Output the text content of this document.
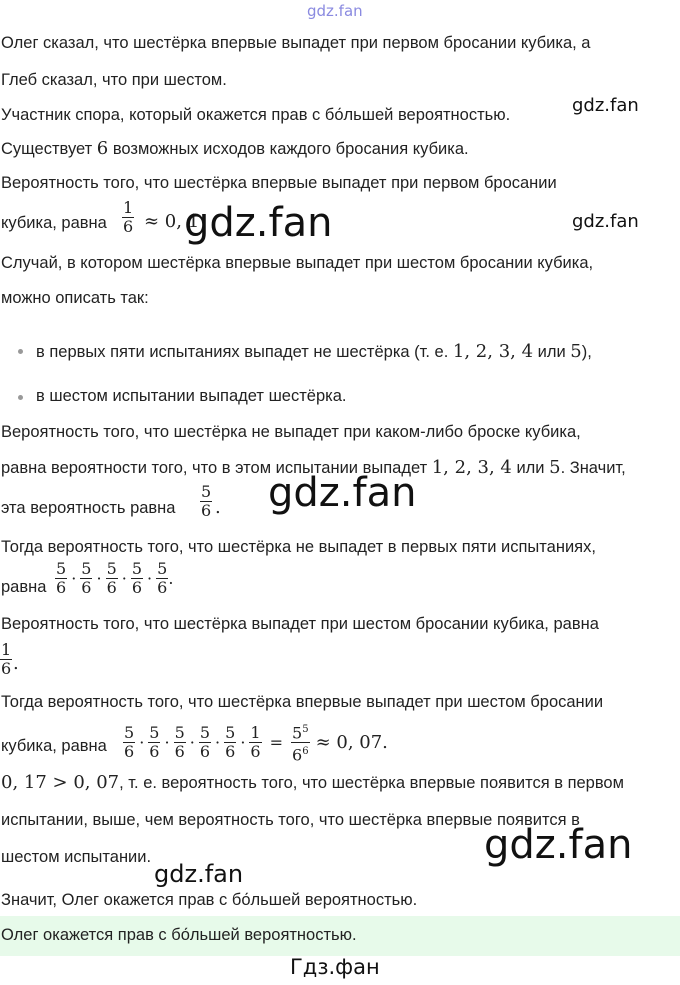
gdz.fan
Олег сказал, что шестёрка впервые выпадет при первом бросании кубика, а
Глеб сказал, что при шестом.
Участник спора, который окажется прав с бо́льшей вероятностью.	gdz.fan
Существует 6 возможных исходов каждого бросания кубика.
Вероятность того, что шестёрка впервые выпадет при первом бросании
кубика, равна $\frac{1}{6} \approx 0$, 1
gdz.fan	gdz.fan
Случай, в котором шестёрка впервые выпадет при шестом бросании кубика,
можно описать так:
в первых пяти испытаниях выпадет не шестёрка (т. е. 1, 2, 3, 4 или 5),
в шестом испытании выпадет шестёрка.
Вероятность того, что шестёрка не выпадет при каком-либо броске кубика,
равна вероятности того, что в этом испытании выпадет 1, 2, 3, 4 или 5. Значит,
эта вероятность равна $\frac{5}{6}$ . gdz.fan
Тогда вероятность того, что шестёрка не выпадет в первых пяти испытаниях,
равна $\frac{5}{6} \cdot \frac{5}{6} \cdot \frac{5}{6} \cdot \frac{5}{6} \cdot \frac{5}{6}$ .
Вероятность того, что шестёрка выпадет при шестом бросании кубика, равна
$\frac{1}{6}$ .
Тогда вероятность того, что шестёрка впервые выпадет при шестом бросании
кубика, равна $\frac{5}{6} \cdot \frac{5}{6} \cdot \frac{5}{6} \cdot \frac{5}{6} \cdot \frac{5}{6} \cdot \frac{1}{6} = \frac{5^5}{6^6} \approx 0$, 07.
0, 17 > 0, 07, т. е. вероятность того, что шестёрка впервые появится в первом
испытании, выше, чем вероятность того, что шестёрка впервые появится в
шестом испытании.	gdz.fan
gdz.fan
Значит, Олег окажется прав с бо́льшей вероятностью.
Олег окажется прав с бо́льшей вероятностью.
Гдз.фан
